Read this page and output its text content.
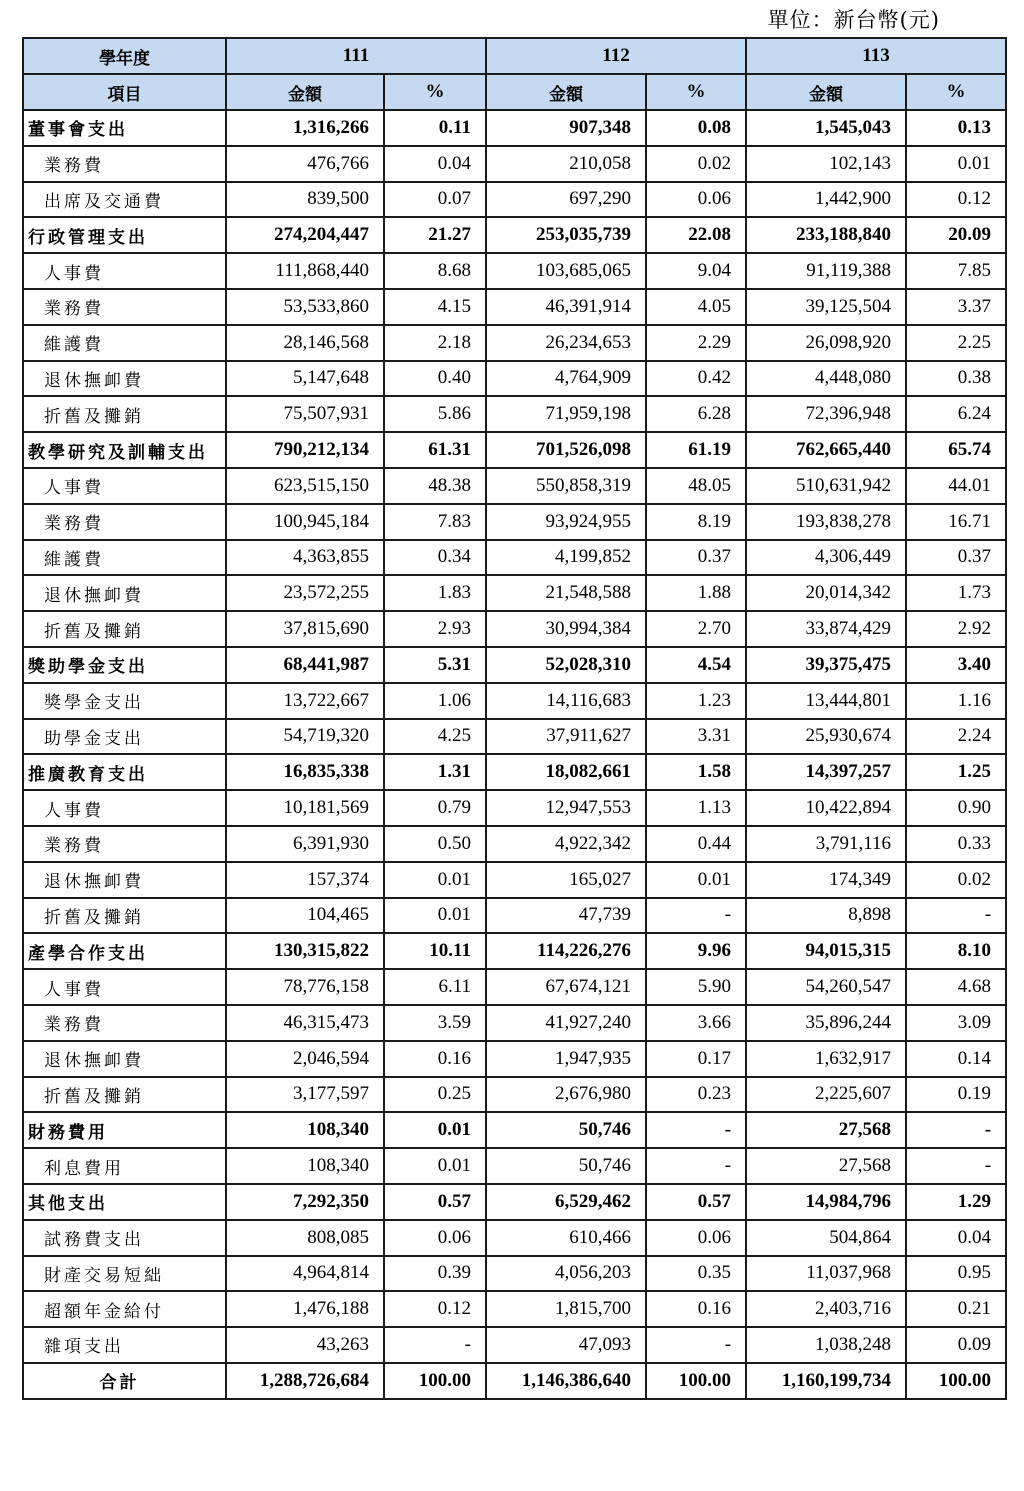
單位：新台幣(元)
學年度	111		112		113	
項目	金額	%	金額	%	金額	%
董事會支出	1,316,266	0.11	907,348	0.08	1,545,043	0.13
業務費	476,766	0.04	210,058	0.02	102,143	0.01
出席及交通費	839,500	0.07	697,290	0.06	1,442,900	0.12
行政管理支出	274,204,447	21.27	253,035,739	22.08	233,188,840	20.09
人事費	111,868,440	8.68	103,685,065	9.04	91,119,388	7.85
業務費	53,533,860	4.15	46,391,914	4.05	39,125,504	3.37
維護費	28,146,568	2.18	26,234,653	2.29	26,098,920	2.25
退休撫卹費	5,147,648	0.40	4,764,909	0.42	4,448,080	0.38
折舊及攤銷	75,507,931	5.86	71,959,198	6.28	72,396,948	6.24
教學研究及訓輔支出	790,212,134	61.31	701,526,098	61.19	762,665,440	65.74
人事費	623,515,150	48.38	550,858,319	48.05	510,631,942	44.01
業務費	100,945,184	7.83	93,924,955	8.19	193,838,278	16.71
維護費	4,363,855	0.34	4,199,852	0.37	4,306,449	0.37
退休撫卹費	23,572,255	1.83	21,548,588	1.88	20,014,342	1.73
折舊及攤銷	37,815,690	2.93	30,994,384	2.70	33,874,429	2.92
獎助學金支出	68,441,987	5.31	52,028,310	4.54	39,375,475	3.40
獎學金支出	13,722,667	1.06	14,116,683	1.23	13,444,801	1.16
助學金支出	54,719,320	4.25	37,911,627	3.31	25,930,674	2.24
推廣教育支出	16,835,338	1.31	18,082,661	1.58	14,397,257	1.25
人事費	10,181,569	0.79	12,947,553	1.13	10,422,894	0.90
業務費	6,391,930	0.50	4,922,342	0.44	3,791,116	0.33
退休撫卹費	157,374	0.01	165,027	0.01	174,349	0.02
折舊及攤銷	104,465	0.01	47,739	-	8,898	-
產學合作支出	130,315,822	10.11	114,226,276	9.96	94,015,315	8.10
人事費	78,776,158	6.11	67,674,121	5.90	54,260,547	4.68
業務費	46,315,473	3.59	41,927,240	3.66	35,896,244	3.09
退休撫卹費	2,046,594	0.16	1,947,935	0.17	1,632,917	0.14
折舊及攤銷	3,177,597	0.25	2,676,980	0.23	2,225,607	0.19
財務費用	108,340	0.01	50,746	-	27,568	-
利息費用	108,340	0.01	50,746	-	27,568	-
其他支出	7,292,350	0.57	6,529,462	0.57	14,984,796	1.29
試務費支出	808,085	0.06	610,466	0.06	504,864	0.04
財產交易短絀	4,964,814	0.39	4,056,203	0.35	11,037,968	0.95
超額年金給付	1,476,188	0.12	1,815,700	0.16	2,403,716	0.21
雜項支出	43,263	-	47,093	-	1,038,248	0.09
合計	1,288,726,684	100.00	1,146,386,640	100.00	1,160,199,734	100.00
